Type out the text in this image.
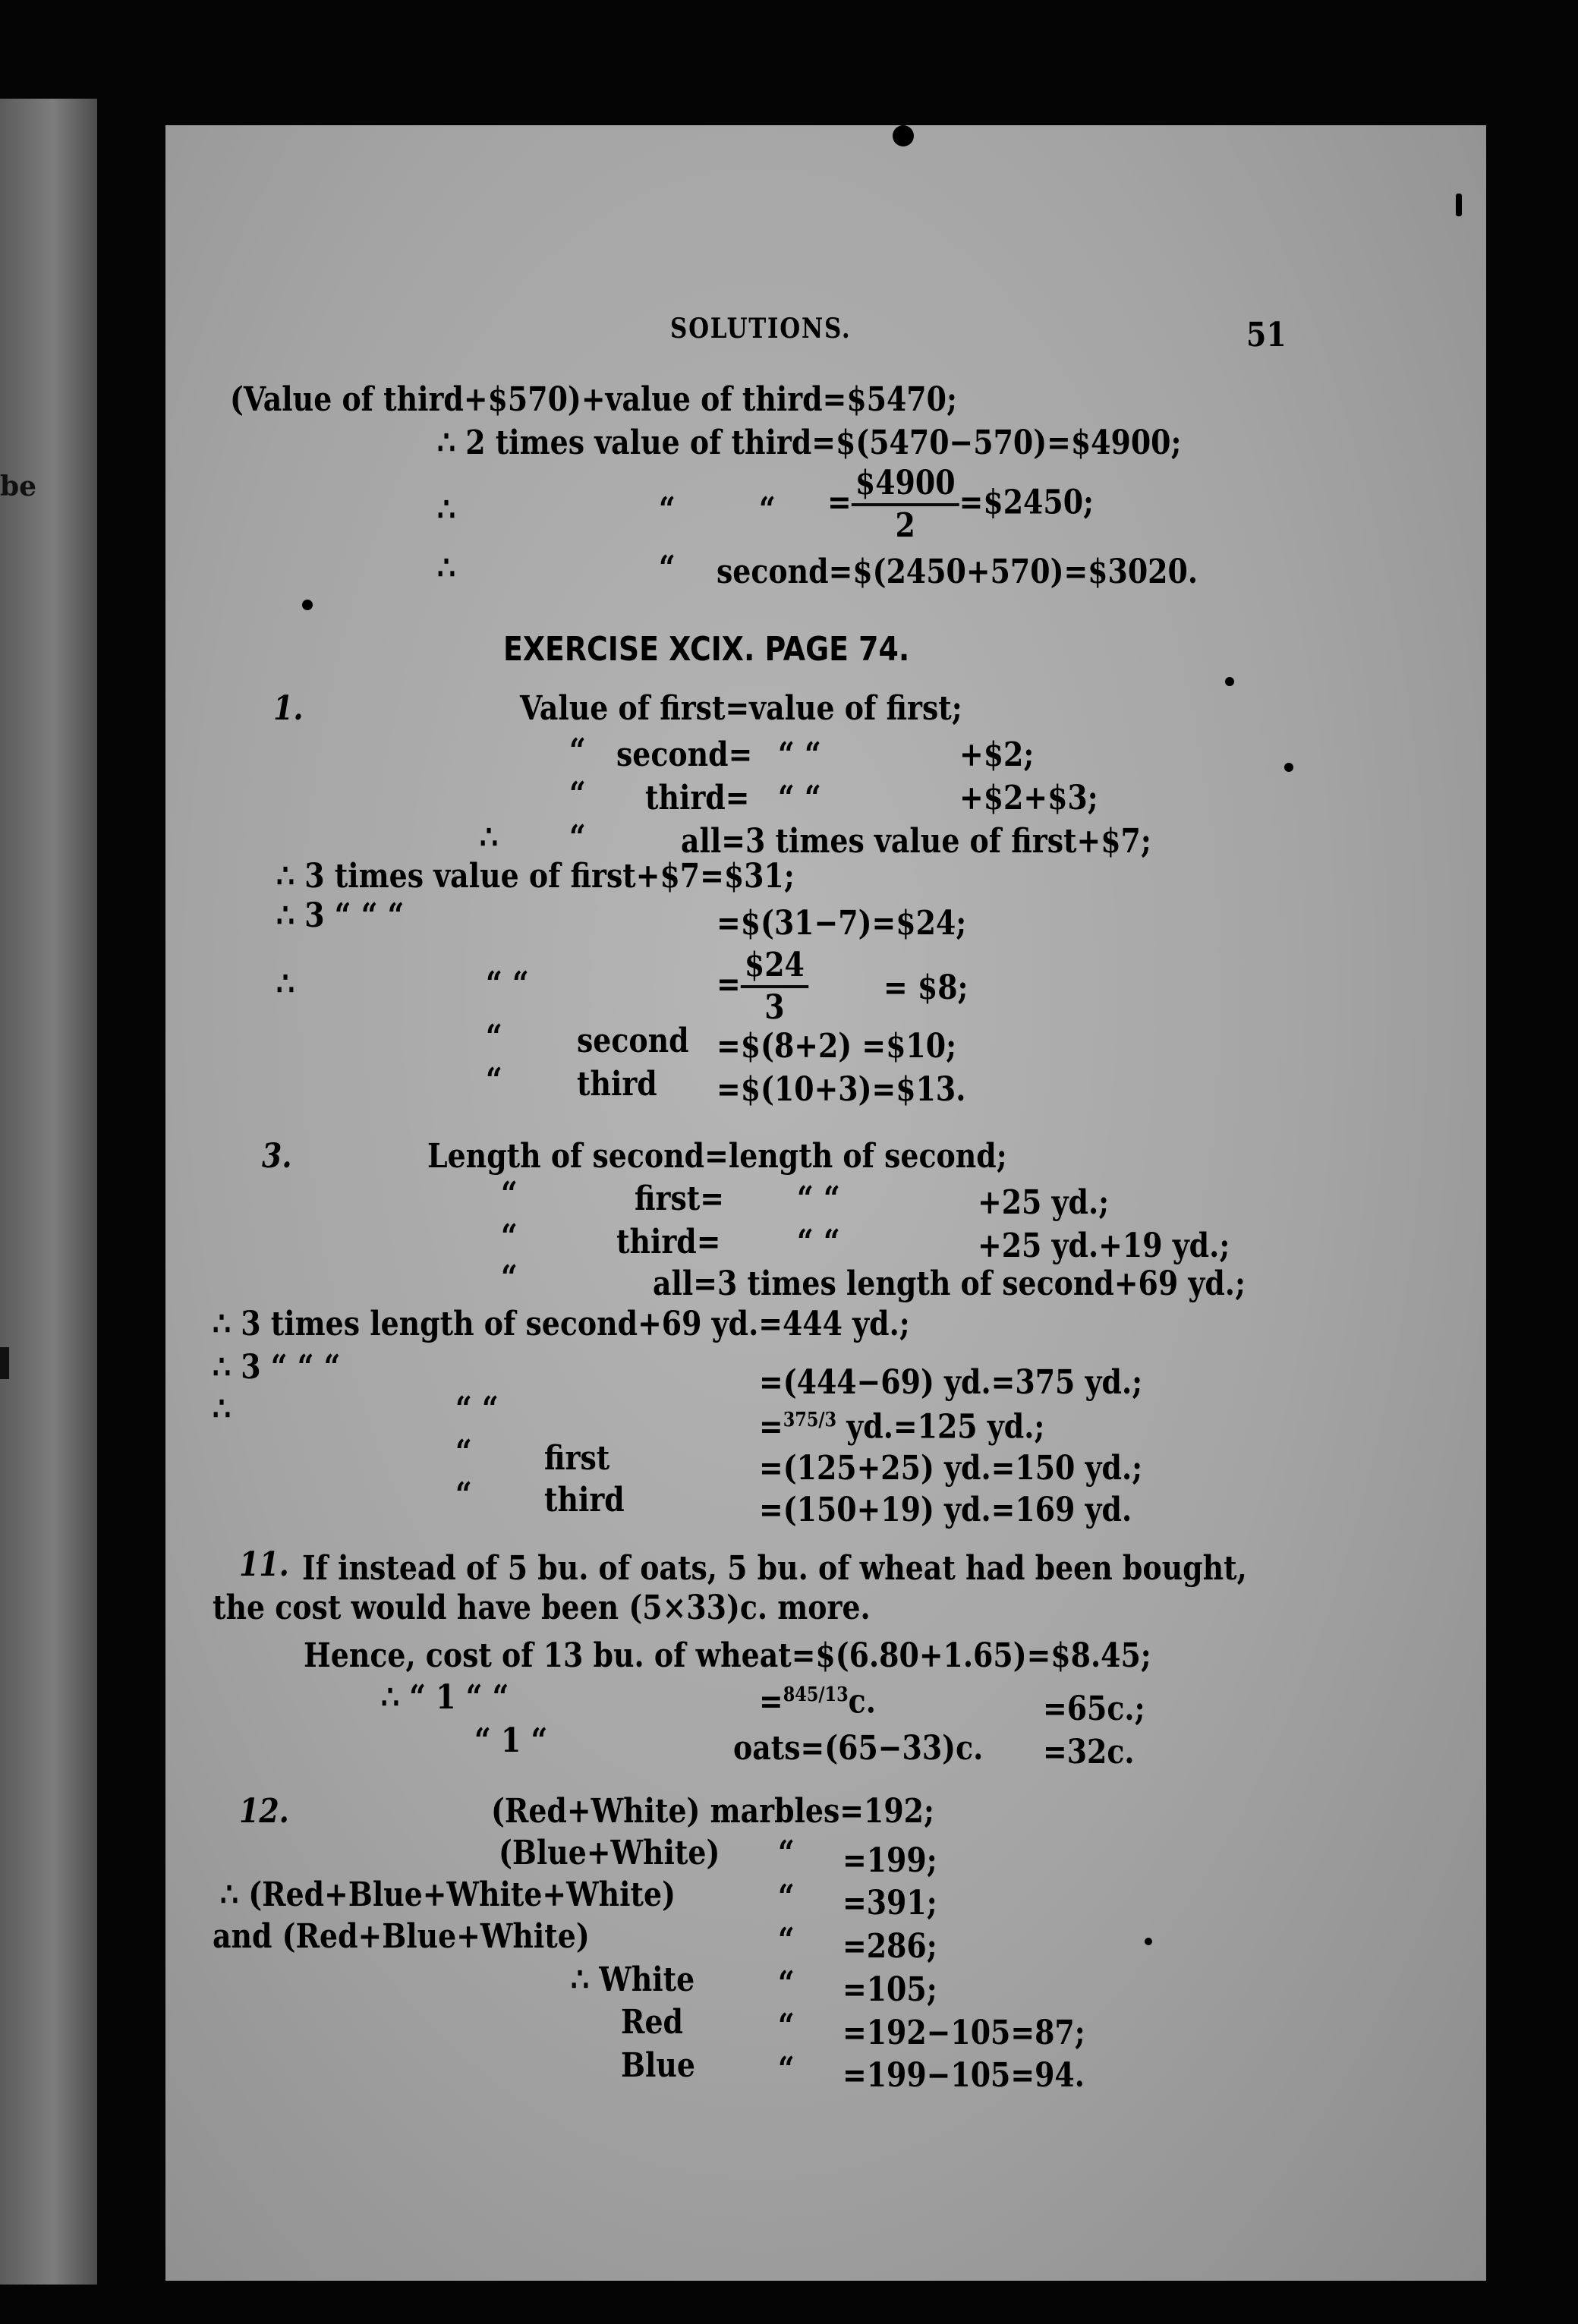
be
SOLUTIONS.	51
(Value of third+$570)+value of third=$5470;
∴ 2 times value of third=$(5470−570)=$4900;
∴	“	“ = $\frac{\$4900}{2}$ =$2450;
∴	“ second=$(2450+570)=$3020.
EXERCISE XCIX. PAGE 74.
1.	Value of first=value of first;
“ second= “ “	+$2;
“ third= “ “	+$2+$3;
∴ “	all=3 times value of first+$7;
∴ 3 times value of first+$7=$31;
∴ 3 “ “ “	=$(31−7)=$24;
∴	“ “	= $\frac{\$24}{3}$ = $8;
“ second =$(8+2) =$10;
“ third =$(10+3)=$13.
3.	Length of second=length of second;
“	first= “ “	+25 yd.;
“	third= “ “	+25 yd.+19 yd.;
“	all=3 times length of second+69 yd.;
∴ 3 times length of second+69 yd.=444 yd.;
∴ 3 “ “ “	=(444−69) yd.=375 yd.;
∴	“ “	=$^{375/3}$ yd.=125 yd.;
“ first	=(125+25) yd.=150 yd.;
“ third	=(150+19) yd.=169 yd.
11. If instead of 5 bu. of oats, 5 bu. of wheat had been bought,
the cost would have been (5×33)c. more.
Hence, cost of 13 bu. of wheat=$(6.80+1.65)=$8.45;
∴ “ 1 “ “	=$^{845/13}$c.	=65c.;
“ 1 “	oats=(65−33)c. =32c.
12.	(Red+White) marbles=192;
(Blue+White) “ =199;
∴ (Red+Blue+White+White)	“ =391;
and (Red+Blue+White)	“ =286;
∴ White “ =105;
Red	“ =192−105=87;
Blue “ =199−105=94.
